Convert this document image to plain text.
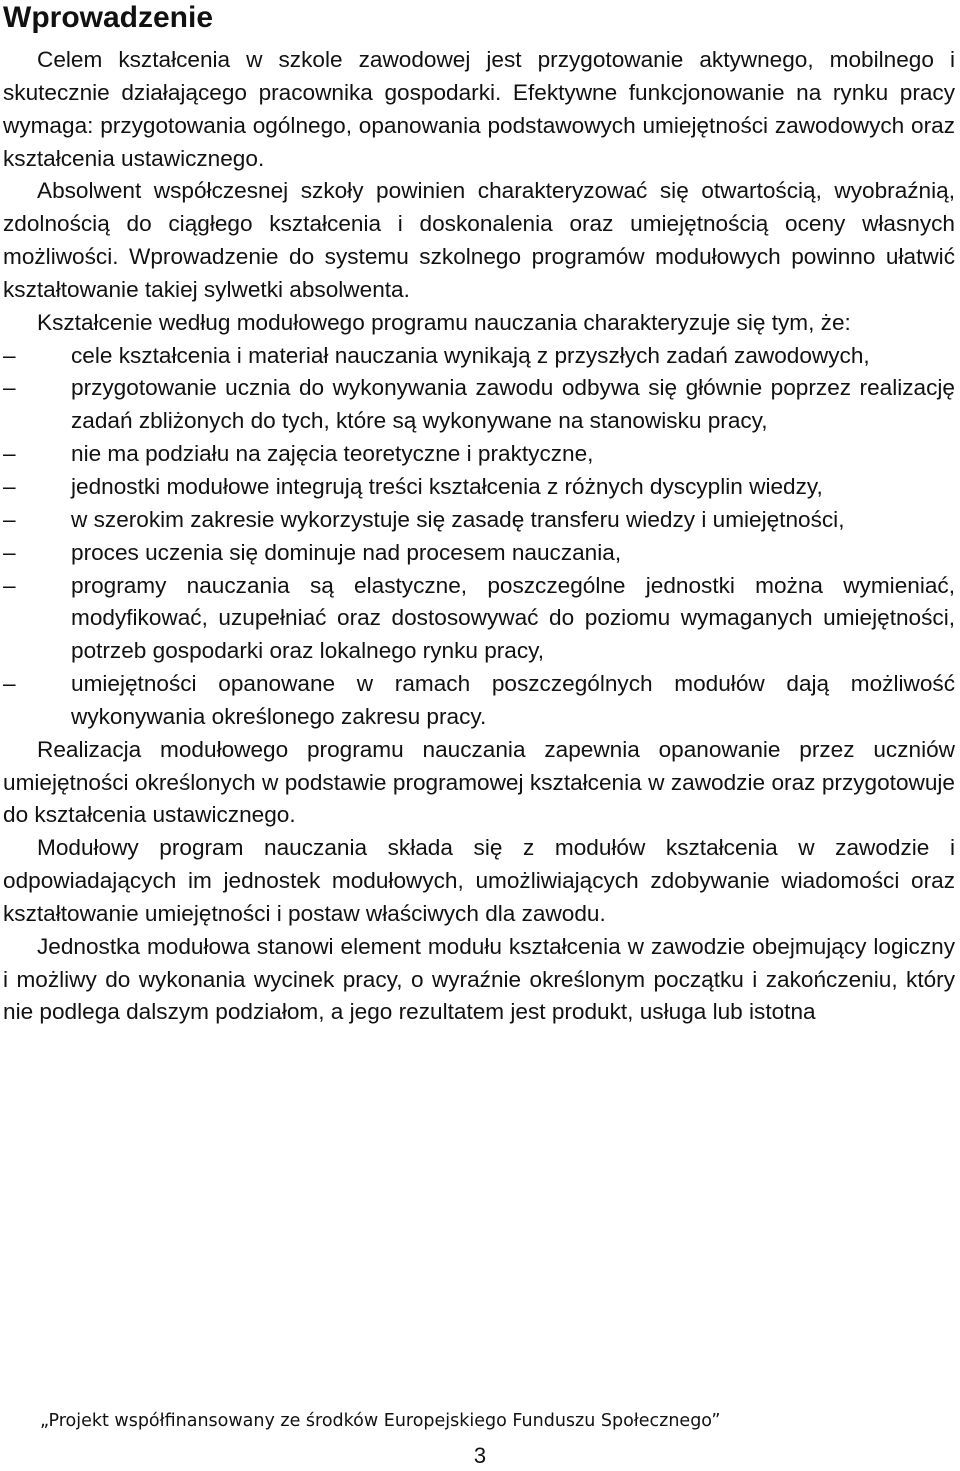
Wprowadzenie

Celem kształcenia w szkole zawodowej jest przygotowanie aktywnego, mobilnego i skutecznie działającego pracownika gospodarki. Efektywne funkcjonowanie na rynku pracy wymaga: przygotowania ogólnego, opanowania podstawowych umiejętności zawodowych oraz kształcenia ustawicznego.

Absolwent współczesnej szkoły powinien charakteryzować się otwartością, wyobraźnią, zdolnością do ciągłego kształcenia i doskonalenia oraz umiejętnością oceny własnych możliwości. Wprowadzenie do systemu szkolnego programów modułowych powinno ułatwić kształtowanie takiej sylwetki absolwenta.

Kształcenie według modułowego programu nauczania charakteryzuje się tym, że:

– cele kształcenia i materiał nauczania wynikają z przyszłych zadań zawodowych,
– przygotowanie ucznia do wykonywania zawodu odbywa się głównie poprzez realizację zadań zbliżonych do tych, które są wykonywane na stanowisku pracy,
– nie ma podziału na zajęcia teoretyczne i praktyczne,
– jednostki modułowe integrują treści kształcenia z różnych dyscyplin wiedzy,
– w szerokim zakresie wykorzystuje się zasadę transferu wiedzy i umiejętności,
– proces uczenia się dominuje nad procesem nauczania,
– programy nauczania są elastyczne, poszczególne jednostki można wymieniać, modyfikować, uzupełniać oraz dostosowywać do poziomu wymaganych umiejętności, potrzeb gospodarki oraz lokalnego rynku pracy,
– umiejętności opanowane w ramach poszczególnych modułów dają możliwość wykonywania określonego zakresu pracy.

Realizacja modułowego programu nauczania zapewnia opanowanie przez uczniów umiejętności określonych w podstawie programowej kształcenia w zawodzie oraz przygotowuje do kształcenia ustawicznego.

Modułowy program nauczania składa się z modułów kształcenia w zawodzie i odpowiadających im jednostek modułowych, umożliwiających zdobywanie wiadomości oraz kształtowanie umiejętności i postaw właściwych dla zawodu.

Jednostka modułowa stanowi element modułu kształcenia w zawodzie obejmujący logiczny i możliwy do wykonania wycinek pracy, o wyraźnie określonym początku i zakończeniu, który nie podlega dalszym podziałom, a jego rezultatem jest produkt, usługa lub istotna

„Projekt współfinansowany ze środków Europejskiego Funduszu Społecznego”
3
